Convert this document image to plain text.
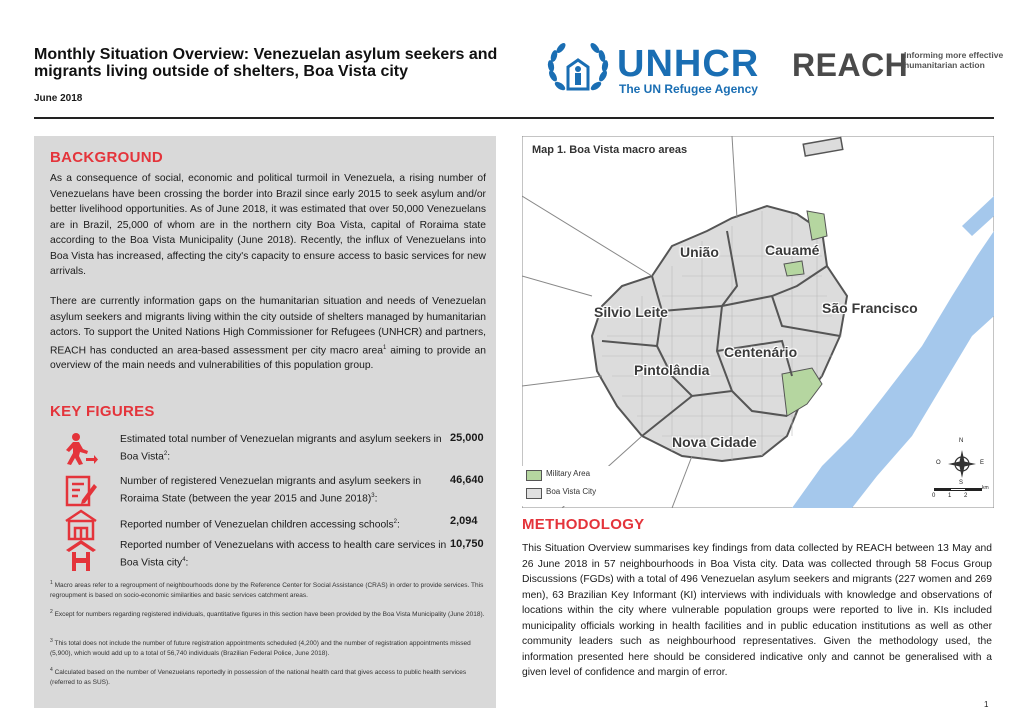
Monthly Situation Overview: Venezuelan asylum seekers and
migrants living outside of shelters, Boa Vista city
June 2018
UNHCR
The UN Refugee Agency
REACH
Informing more effective humanitarian action
BACKGROUND
As a consequence of social, economic and political turmoil in Venezuela, a rising number of Venezuelans have been crossing the border into Brazil since early 2015 to seek asylum and/or better livelihood opportunities. As of June 2018, it was estimated that over 50,000 Venezuelans are in Brazil, 25,000 of whom are in the northern city Boa Vista, capital of Roraima state according to the Boa Vista Municipality (June 2018). Recently, the influx of Venezuelans into Boa Vista has increased, affecting the city's capacity to ensure access to basic services for new arrivals.
There are currently information gaps on the humanitarian situation and needs of Venezuelan asylum seekers and migrants living within the city outside of shelters managed by humanitarian actors. To support the United Nations High Commissioner for Refugees (UNHCR) and partners, REACH has conducted an area-based assessment per city macro area$^1$ aiming to provide an overview of the main needs and vulnerabilities of this population group.
KEY FIGURES
Estimated total number of Venezuelan migrants and asylum seekers in Boa Vista$^2$:
25,000
Number of registered Venezuelan migrants and asylum seekers in Roraima State (between the year 2015 and June 2018)$^3$:
46,640
Reported number of Venezuelan children accessing schools$^2$:	2,094
Reported number of Venezuelans with access to health care services in Boa Vista city$^4$:
10,750
$^1$ Macro areas refer to a regroupment of neighbourhoods done by the Reference Center for Social Assistance (CRAS) in order to provide services. This regroupment is based on socio-economic similarities and basic services catchment areas.
$^2$ Except for numbers regarding registered individuals, quantitative figures in this section have been provided by the Boa Vista Municipality (June 2018).
$^3$ This total does not include the number of future registration appointments scheduled (4,200) and the number of registration appointments missed (5,900), which would add up to a total of 56,740 individuals (Brazilian Federal Police, June 2018).
$^4$ Calculated based on the number of Venezuelans reportedly in possession of the national health card that gives access to public health services (referred to as SUS).
Map 1. Boa Vista macro areas
União	Cauamé
São Francisco
Silvio Leite
Centenário
Pintolândia
Nova Cidade
Military Area
Boa Vista City
N
E
S
O
0 1 2
km
METHODOLOGY
This Situation Overview summarises key findings from data collected by REACH between 13 May and 26 June 2018 in 57 neighbourhoods in Boa Vista city. Data was collected through 58 Focus Group Discussions (FGDs) with a total of 496 Venezuelan asylum seekers and migrants (227 women and 269 men), 63 Brazilian Key Informant (KI) interviews with individuals with knowledge and observations of locations within the city where vulnerable population groups were reported to live in. KIs included municipality officials working in health facilities and in public education institutions as well as other community leaders such as neighbourhood representatives. Given the methodology used, the information presented here should be considered indicative only and cannot be generalised with a given level of confidence and margin of error.
1
